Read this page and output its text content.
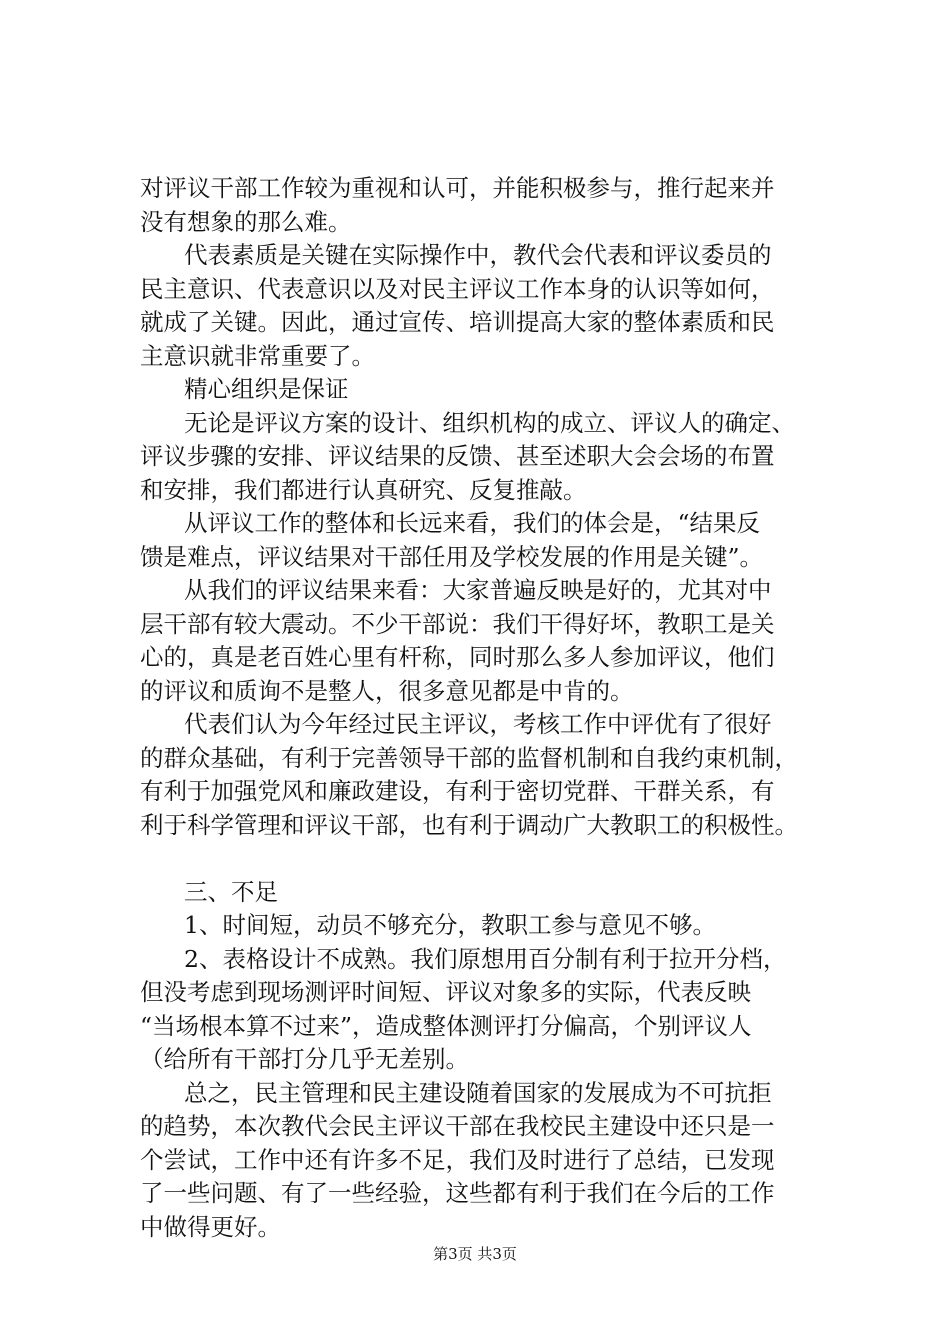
对评议干部工作较为重视和认可，并能积极参与，推行起来并
没有想象的那么难。
代表素质是关键在实际操作中，教代会代表和评议委员的
民主意识、代表意识以及对民主评议工作本身的认识等如何，
就成了关键。因此，通过宣传、培训提高大家的整体素质和民
主意识就非常重要了。
精心组织是保证
无论是评议方案的设计、组织机构的成立、评议人的确定、
评议步骤的安排、评议结果的反馈、甚至述职大会会场的布置
和安排，我们都进行认真研究、反复推敲。
从评议工作的整体和长远来看，我们的体会是，“结果反
馈是难点，评议结果对干部任用及学校发展的作用是关键”。
从我们的评议结果来看：大家普遍反映是好的，尤其对中
层干部有较大震动。不少干部说：我们干得好坏，教职工是关
心的，真是老百姓心里有杆称，同时那么多人参加评议，他们
的评议和质询不是整人，很多意见都是中肯的。
代表们认为今年经过民主评议，考核工作中评优有了很好
的群众基础，有利于完善领导干部的监督机制和自我约束机制，
有利于加强党风和廉政建设，有利于密切党群、干群关系，有
利于科学管理和评议干部，也有利于调动广大教职工的积极性。
三、不足
1、时间短，动员不够充分，教职工参与意见不够。
2、表格设计不成熟。我们原想用百分制有利于拉开分档，
但没考虑到现场测评时间短、评议对象多的实际，代表反映
“当场根本算不过来”，造成整体测评打分偏高，个别评议人
（给所有干部打分几乎无差别。
总之，民主管理和民主建设随着国家的发展成为不可抗拒
的趋势，本次教代会民主评议干部在我校民主建设中还只是一
个尝试，工作中还有许多不足，我们及时进行了总结，已发现
了一些问题、有了一些经验，这些都有利于我们在今后的工作
中做得更好。
第3页 共3页
